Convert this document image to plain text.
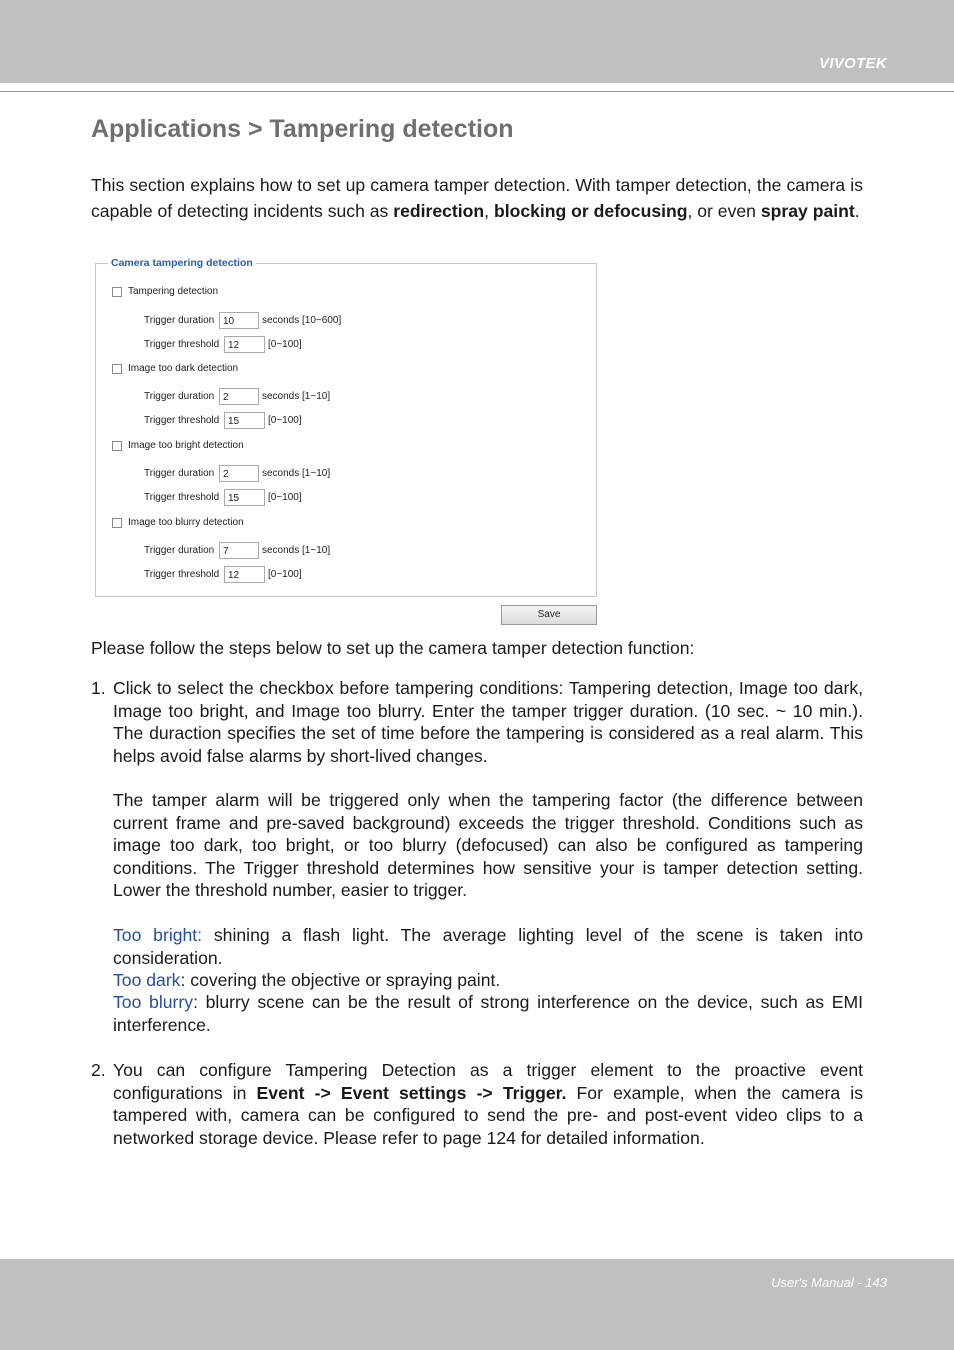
VIVOTEK
Applications > Tampering detection

This section explains how to set up camera tamper detection. With tamper detection, the camera is capable of detecting incidents such as redirection, blocking or defocusing, or even spray paint.

Camera tampering detection
Tampering detection
Trigger duration 10	seconds [10~600]
Trigger threshold 12	[0~100]
Image too dark detection
Trigger duration 2	seconds [1~10]
Trigger threshold 15	[0~100]
Image too bright detection
Trigger duration 2	seconds [1~10]
Trigger threshold 15	[0~100]
Image too blurry detection
Trigger duration 7	seconds [1~10]
Trigger threshold 12	[0~100]
Save

Please follow the steps below to set up the camera tamper detection function:

1. Click to select the checkbox before tampering conditions: Tampering detection, Image too dark, Image too bright, and Image too blurry. Enter the tamper trigger duration. (10 sec. ~ 10 min.). The duraction specifies the set of time before the tampering is considered as a real alarm. This helps avoid false alarms by short-lived changes.

The tamper alarm will be triggered only when the tampering factor (the difference between current frame and pre-saved background) exceeds the trigger threshold. Conditions such as image too dark, too bright, or too blurry (defocused) can also be configured as tampering conditions. The Trigger threshold determines how sensitive your is tamper detection setting. Lower the threshold number, easier to trigger.

Too bright: shining a flash light. The average lighting level of the scene is taken into consideration.

Too dark: covering the objective or spraying paint.

Too blurry: blurry scene can be the result of strong interference on the device, such as EMI interference.

2. You can configure Tampering Detection as a trigger element to the proactive event configurations in Event -> Event settings -> Trigger. For example, when the camera is tampered with, camera can be configured to send the pre- and post-event video clips to a networked storage device. Please refer to page 124 for detailed information.

User's Manual - 143
